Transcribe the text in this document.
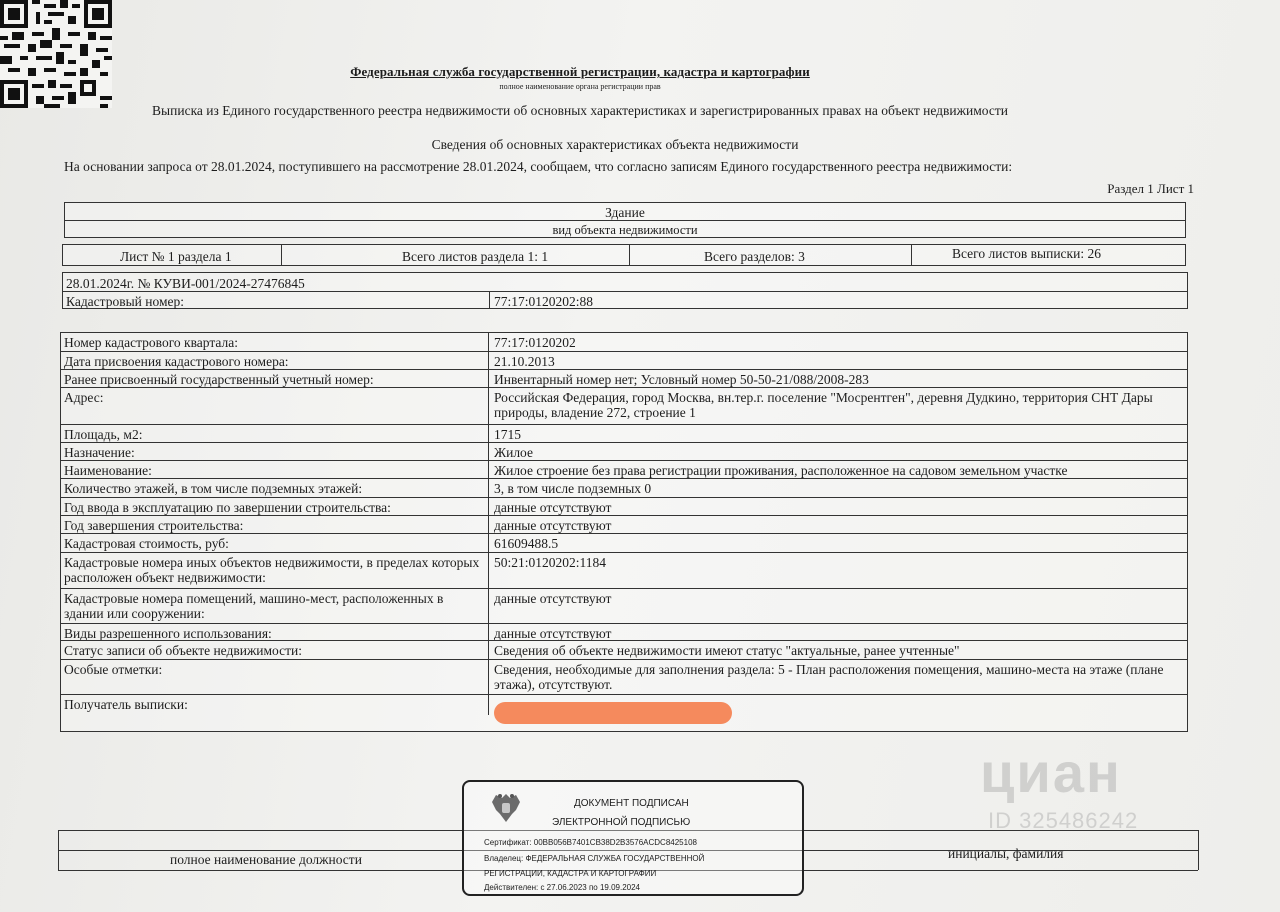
Федеральная служба государственной регистрации, кадастра и картографии
полное наименование органа регистрации прав
Выписка из Единого государственного реестра недвижимости об основных характеристиках и зарегистрированных правах на объект недвижимости
Сведения об основных характеристиках объекта недвижимости
На основании запроса от 28.01.2024, поступившего на рассмотрение 28.01.2024, сообщаем, что согласно записям Единого государственного реестра недвижимости:
Раздел 1 Лист 1
Здание
вид объекта недвижимости
Лист № 1 раздела 1	Всего листов раздела 1: 1	Всего разделов: 3	Всего листов выписки: 26
28.01.2024г. № КУВИ-001/2024-27476845
Кадастровый номер:	77:17:0120202:88
Номер кадастрового квартала:	77:17:0120202
Дата присвоения кадастрового номера:	21.10.2013
Ранее присвоенный государственный учетный номер:	Инвентарный номер нет; Условный номер 50-50-21/088/2008-283
Адрес:	Российская Федерация, город Москва, вн.тер.г. поселение "Мосрентген", деревня Дудкино, территория СНТ Дары природы, владение 272, строение 1
Площадь, м2:	1715
Назначение:	Жилое
Наименование:	Жилое строение без права регистрации проживания, расположенное на садовом земельном участке
Количество этажей, в том числе подземных этажей:	3, в том числе подземных 0
Год ввода в эксплуатацию по завершении строительства:	данные отсутствуют
Год завершения строительства:	данные отсутствуют
Кадастровая стоимость, руб:	61609488.5
Кадастровые номера иных объектов недвижимости, в пределах которых расположен объект недвижимости:
50:21:0120202:1184
Кадастровые номера помещений, машино-мест, расположенных в здании или сооружении:
данные отсутствуют
Виды разрешенного использования:	данные отсутствуют
Статус записи об объекте недвижимости:	Сведения об объекте недвижимости имеют статус "актуальные, ранее учтенные"
Особые отметки:	Сведения, необходимые для заполнения раздела: 5 - План расположения помещения, машино-места на этаже (плане этажа), отсутствуют.
Получатель выписки:
полное наименование должности	инициалы, фамилия
ДОКУМЕНТ ПОДПИСАН
ЭЛЕКТРОННОЙ ПОДПИСЬЮ
Сертификат: 00BB056B7401CB38D2B3576ACDC8425108
Владелец: ФЕДЕРАЛЬНАЯ СЛУЖБА ГОСУДАРСТВЕННОЙ
РЕГИСТРАЦИИ, КАДАСТРА И КАРТОГРАФИИ
Действителен: с 27.06.2023 по 19.09.2024
циан
ID 325486242
